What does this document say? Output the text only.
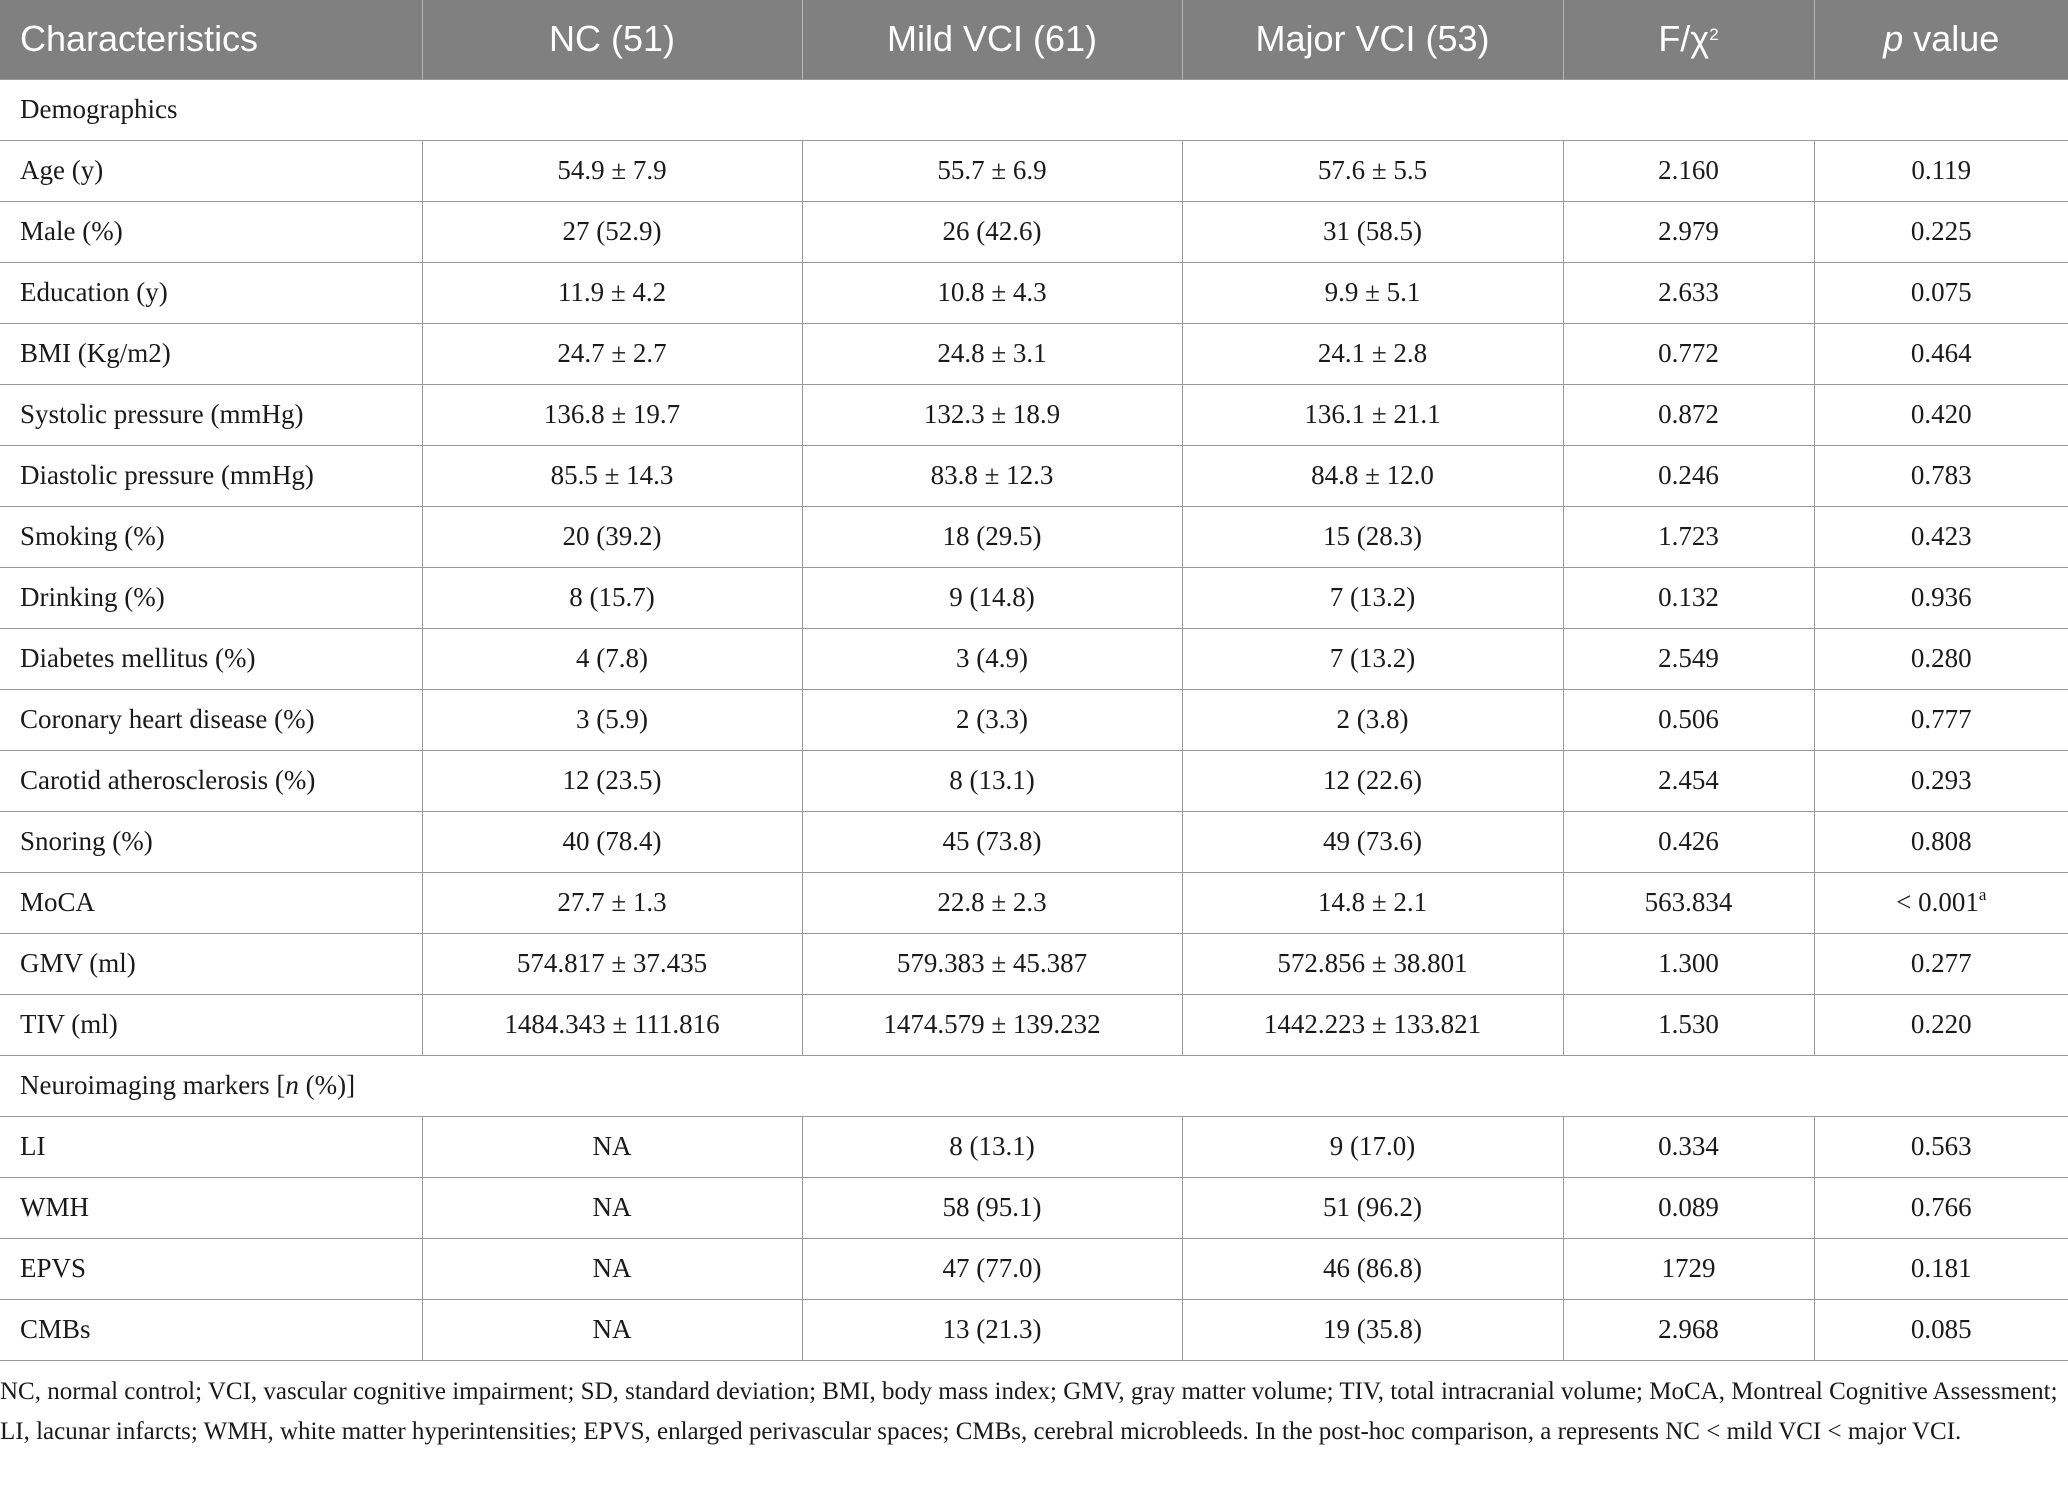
Characteristics	NC (51)	Mild VCI (61)	Major VCI (53)	$F/\chi^2$	p value
Demographics					
Age (y)	54.9 ± 7.9	55.7 ± 6.9	57.6 ± 5.5	2.160	0.119
Male (%)	27 (52.9)	26 (42.6)	31 (58.5)	2.979	0.225
Education (y)	11.9 ± 4.2	10.8 ± 4.3	9.9 ± 5.1	2.633	0.075
BMI (Kg/m2)	24.7 ± 2.7	24.8 ± 3.1	24.1 ± 2.8	0.772	0.464
Systolic pressure (mmHg)	136.8 ± 19.7	132.3 ± 18.9	136.1 ± 21.1	0.872	0.420
Diastolic pressure (mmHg)	85.5 ± 14.3	83.8 ± 12.3	84.8 ± 12.0	0.246	0.783
Smoking (%)	20 (39.2)	18 (29.5)	15 (28.3)	1.723	0.423
Drinking (%)	8 (15.7)	9 (14.8)	7 (13.2)	0.132	0.936
Diabetes mellitus (%)	4 (7.8)	3 (4.9)	7 (13.2)	2.549	0.280
Coronary heart disease (%)	3 (5.9)	2 (3.3)	2 (3.8)	0.506	0.777
Carotid atherosclerosis (%)	12 (23.5)	8 (13.1)	12 (22.6)	2.454	0.293
Snoring (%)	40 (78.4)	45 (73.8)	49 (73.6)	0.426	0.808
MoCA	27.7 ± 1.3	22.8 ± 2.3	14.8 ± 2.1	563.834	< 0.001$^a$
GMV (ml)	574.817 ± 37.435	579.383 ± 45.387	572.856 ± 38.801	1.300	0.277
TIV (ml)	1484.343 ± 111.816	1474.579 ± 139.232	1442.223 ± 133.821	1.530	0.220
Neuroimaging markers [n (%)]					
LI	NA	8 (13.1)	9 (17.0)	0.334	0.563
WMH	NA	58 (95.1)	51 (96.2)	0.089	0.766
EPVS	NA	47 (77.0)	46 (86.8)	1729	0.181
CMBs	NA	13 (21.3)	19 (35.8)	2.968	0.085
NC, normal control; VCI, vascular cognitive impairment; SD, standard deviation; BMI, body mass index; GMV, gray matter volume; TIV, total intracranial volume; MoCA, Montreal Cognitive Assessment; LI, lacunar infarcts; WMH, white matter hyperintensities; EPVS, enlarged perivascular spaces; CMBs, cerebral microbleeds. In the post-hoc comparison, a represents NC < mild VCI < major VCI.
